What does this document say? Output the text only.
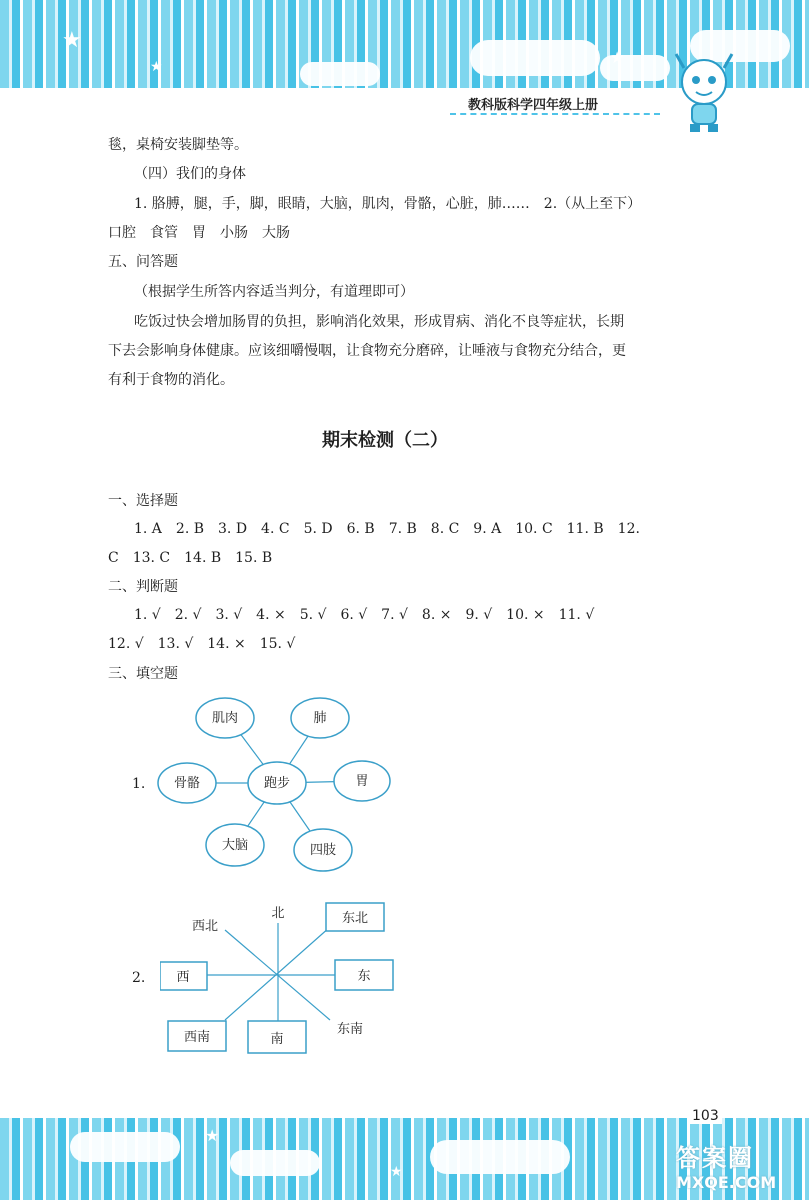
★
★
★
教科版科学四年级上册
毯，桌椅安装脚垫等。
（四）我们的身体
1. 胳膊，腿，手，脚，眼睛，大脑，肌肉，骨骼，心脏，肺……　2.（从上至下）
口腔　食管　胃　小肠　大肠
五、问答题
（根据学生所答内容适当判分，有道理即可）
吃饭过快会增加肠胃的负担，影响消化效果，形成胃病、消化不良等症状，长期
下去会影响身体健康。应该细嚼慢咽，让食物充分磨碎，让唾液与食物充分结合，更
有利于食物的消化。
期末检测（二）
一、选择题
1. A　2. B　3. D　4. C　5. D　6. B　7. B　8. C　9. A　10. C　11. B　12.
C　13. C　14. B　15. B
二、判断题
1. √　2. √　3. √　4. ×　5. √　6. √　7. √　8. ×　9. √　10. ×　11. √
12. √　13. √　14. ×　15. √
三、填空题
1.	跑步
肌肉	肺
骨骼	胃
大脑	四肢
2.
北
西北
东北
西	东
西南	南
东南
★
★
103
答案圈
MXQE.COM
